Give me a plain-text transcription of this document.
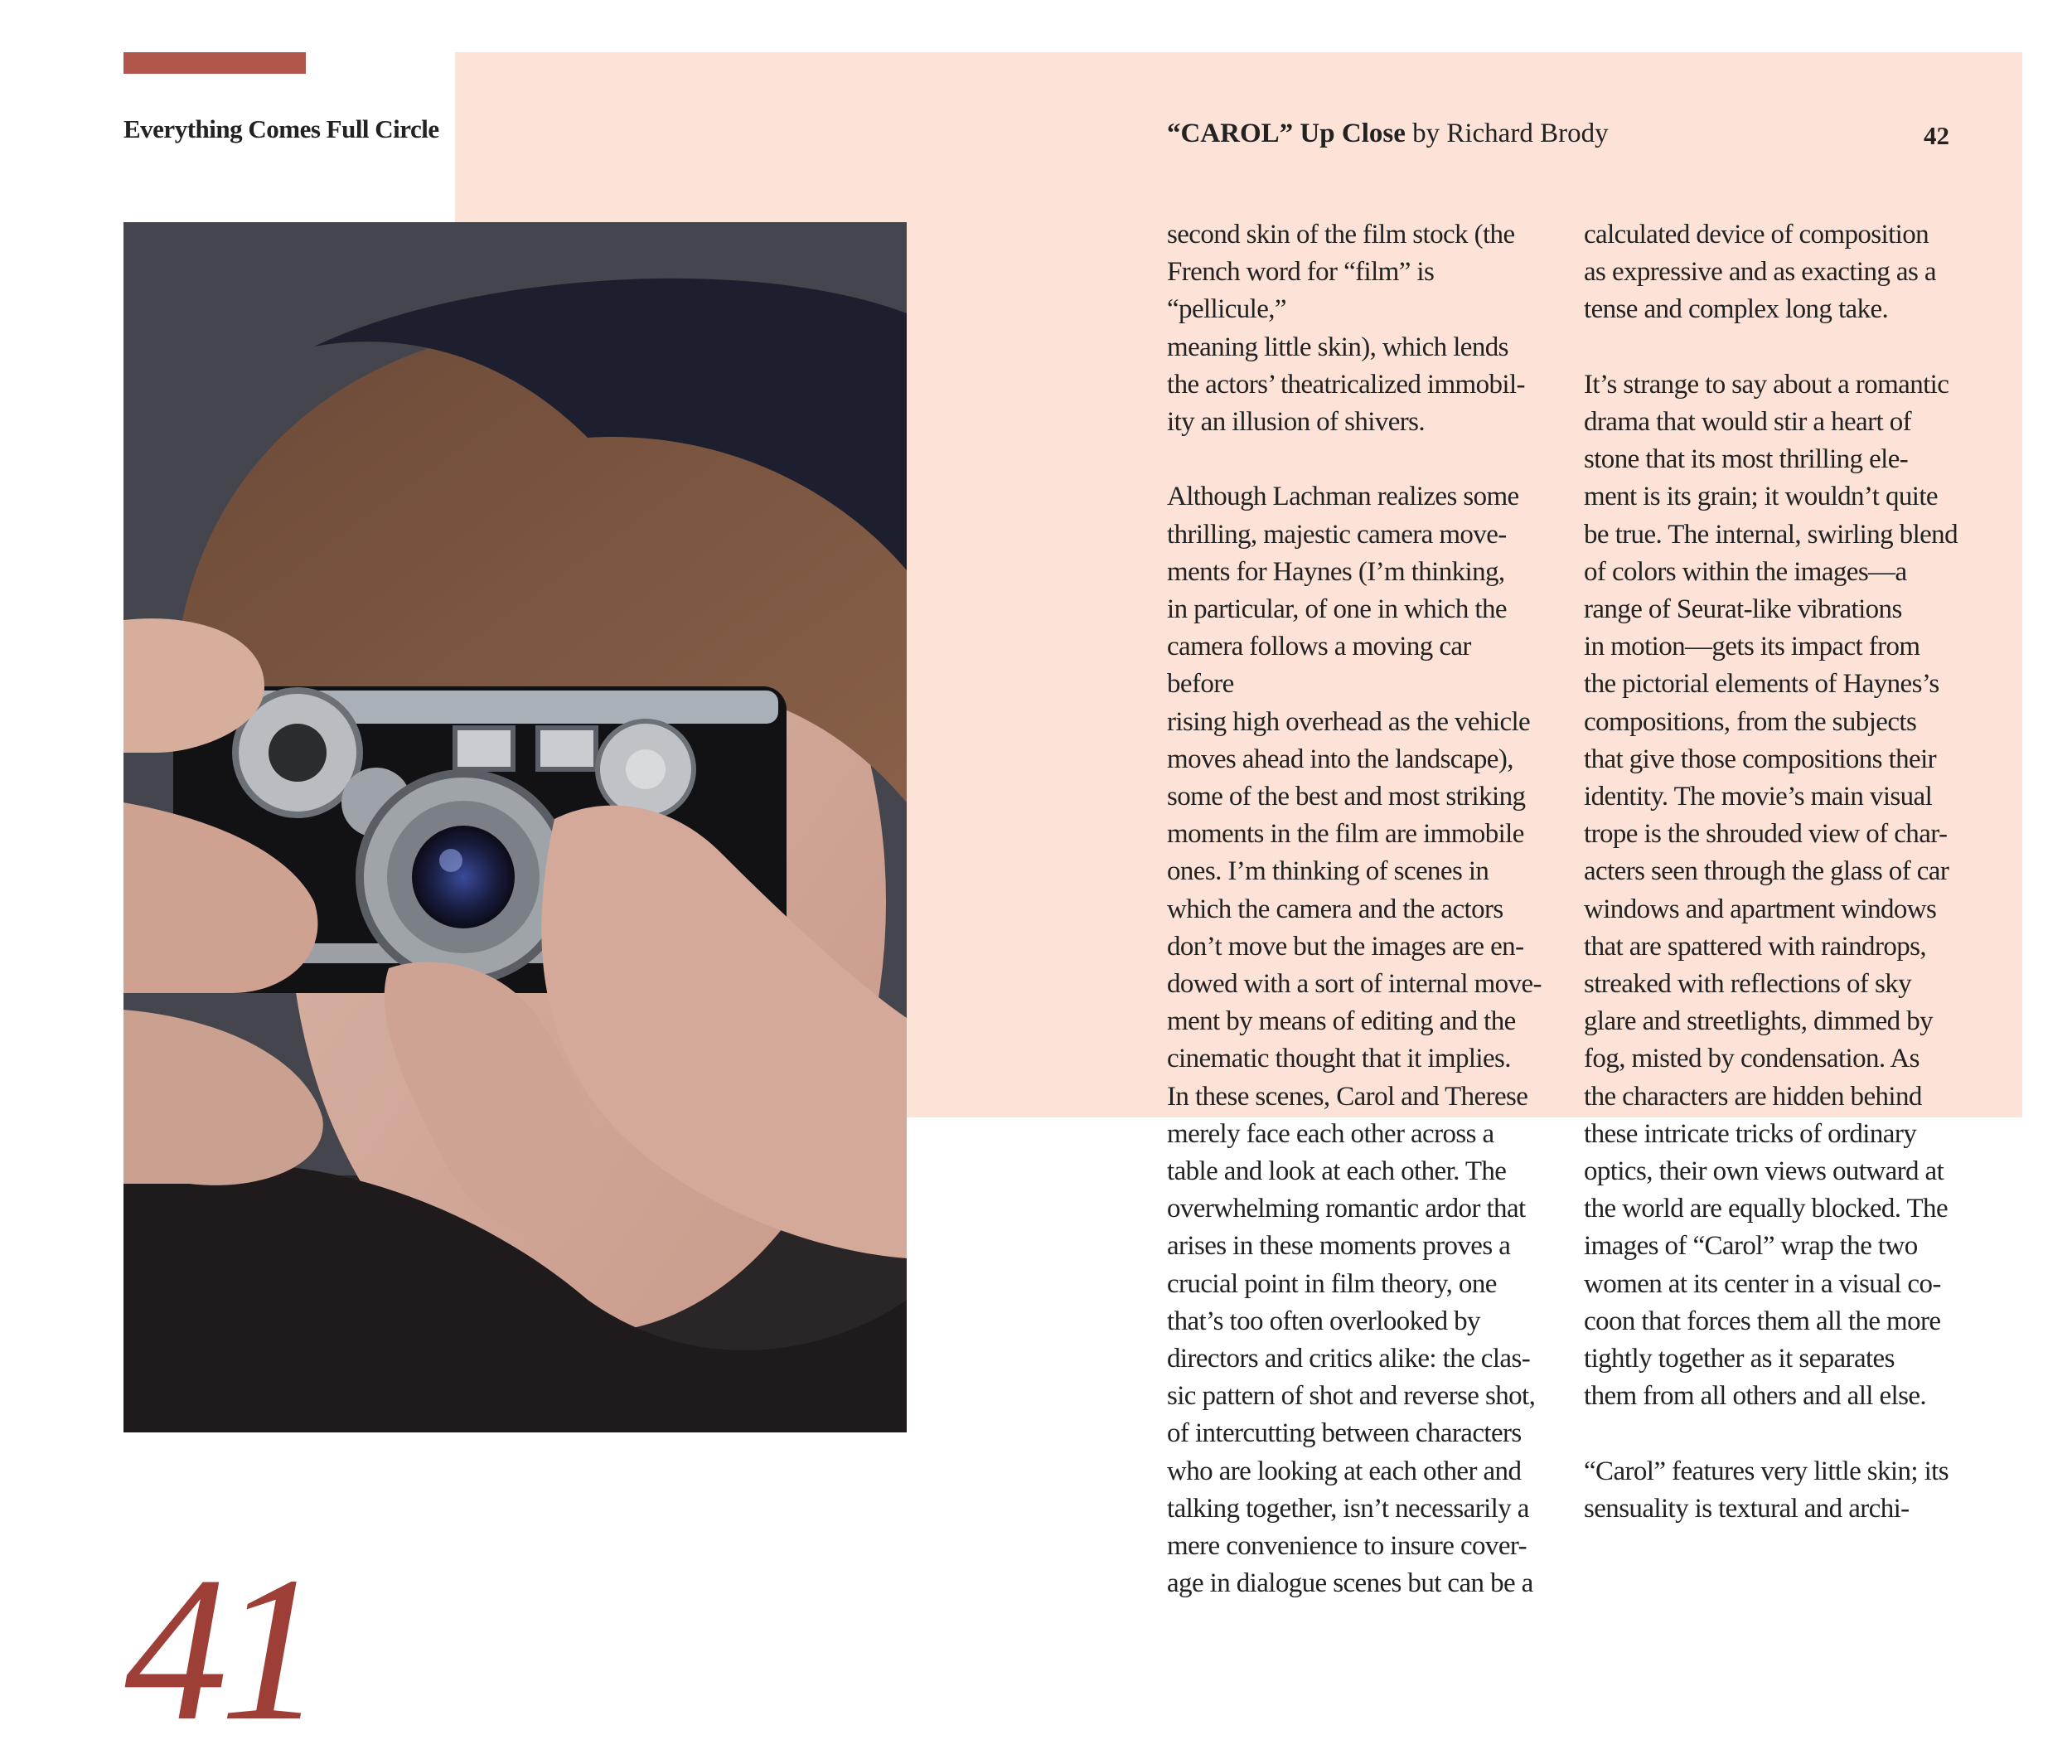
Everything Comes Full Circle	“CAROL” Up Close by Richard Brody	42

second skin of the film stock (the
French word for “film” is “pellicule,”
meaning little skin), which lends
the actors’ theatricalized immobil-
ity an illusion of shivers.

Although Lachman realizes some
thrilling, majestic camera move-
ments for Haynes (I’m thinking,
in particular, of one in which the
camera follows a moving car before
rising high overhead as the vehicle
moves ahead into the landscape),
some of the best and most striking
moments in the film are immobile
ones. I’m thinking of scenes in
which the camera and the actors
don’t move but the images are en-
dowed with a sort of internal move-
ment by means of editing and the
cinematic thought that it implies.
In these scenes, Carol and Therese
merely face each other across a
table and look at each other. The
overwhelming romantic ardor that
arises in these moments proves a
crucial point in film theory, one
that’s too often overlooked by
directors and critics alike: the clas-
sic pattern of shot and reverse shot,
of intercutting between characters
who are looking at each other and
talking together, isn’t necessarily a
mere convenience to insure cover-
age in dialogue scenes but can be a

calculated device of composition
as expressive and as exacting as a
tense and complex long take.

It’s strange to say about a romantic
drama that would stir a heart of
stone that its most thrilling ele-
ment is its grain; it wouldn’t quite
be true. The internal, swirling blend
of colors within the images—a
range of Seurat-like vibrations
in motion—gets its impact from
the pictorial elements of Haynes’s
compositions, from the subjects
that give those compositions their
identity. The movie’s main visual
trope is the shrouded view of char-
acters seen through the glass of car
windows and apartment windows
that are spattered with raindrops,
streaked with reflections of sky
glare and streetlights, dimmed by
fog, misted by condensation. As
the characters are hidden behind
these intricate tricks of ordinary
optics, their own views outward at
the world are equally blocked. The
images of “Carol” wrap the two
women at its center in a visual co-
coon that forces them all the more
tightly together as it separates
them from all others and all else.

“Carol” features very little skin; its
sensuality is textural and archi-

41
